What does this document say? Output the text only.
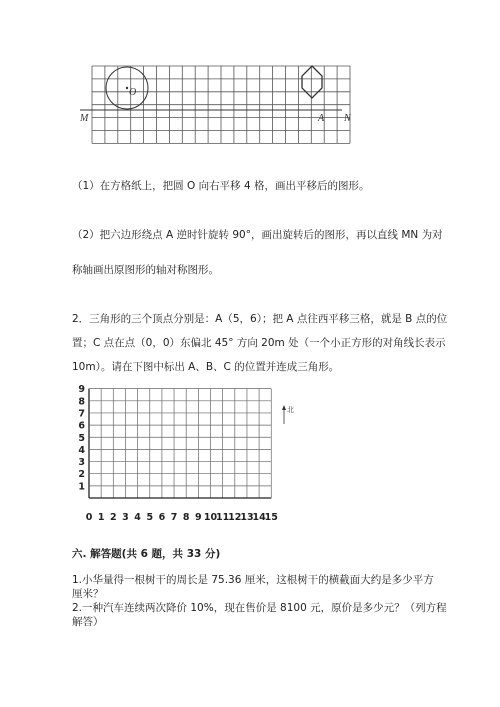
M	N
A
O
（1）在方格纸上，把圆 O 向右平移 4 格，画出平移后的图形。
（2）把六边形绕点 A 逆时针旋转 90°，画出旋转后的图形，再以直线 MN 为对
称轴画出原图形的轴对称图形。
2．三角形的三个顶点分别是：A（5，6）；把 A 点往西平移三格，就是 B 点的位
置；C 点在点（0，0）东偏北 45° 方向 20m 处（一个小正方形的对角线长表示
10m）。请在下图中标出 A、B、C 的位置并连成三角形。
0 1 2 3 4 5 6 7 8 9 10
11
12
13
14
15
1
2
3
4
5
6
7
8
9
北
六. 解答题(共 6 题，共 33 分)
1.小华量得一根树干的周长是 75.36 厘米，这根树干的横截面大约是多少平方
厘米？
2.一种汽车连续两次降价 10%，现在售价是 8100 元，原价是多少元？（列方程
解答）
